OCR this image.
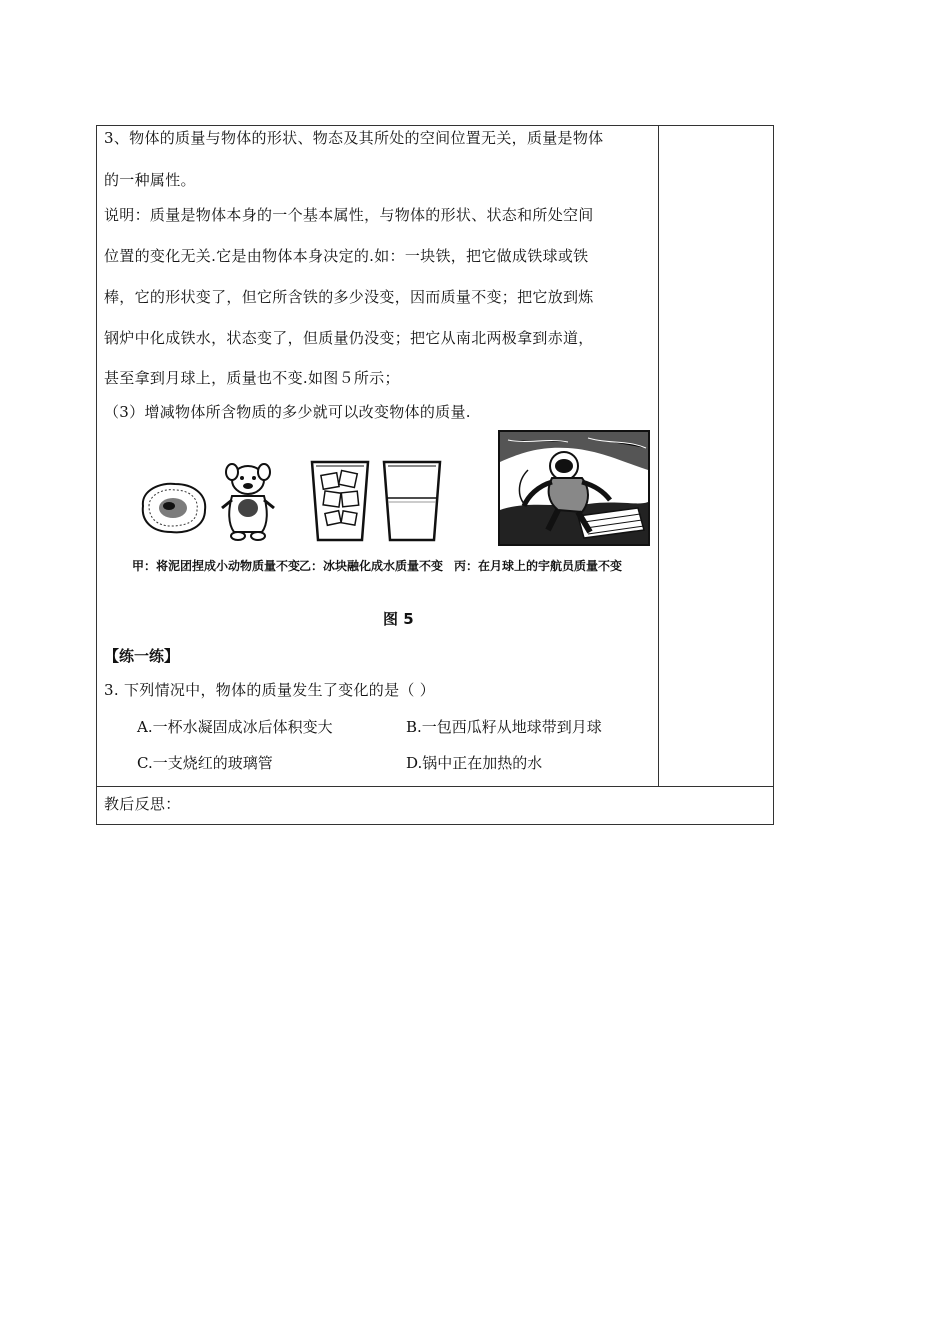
3、物体的质量与物体的形状、物态及其所处的空间位置无关，质量是物体
的一种属性。
说明：质量是物体本身的一个基本属性，与物体的形状、状态和所处空间
位置的变化无关.它是由物体本身决定的.如：一块铁，把它做成铁球或铁
棒，它的形状变了，但它所含铁的多少没变，因而质量不变；把它放到炼
钢炉中化成铁水，状态变了，但质量仍没变；把它从南北两极拿到赤道，
甚至拿到月球上，质量也不变.如图５所示；
（3）增减物体所含物质的多少就可以改变物体的质量.
甲：将泥团捏成小动物质量不变
乙：冰块融化成水质量不变 丙：在月球上的宇航员质量不变
图 5
【练一练】
3. 下列情况中，物体的质量发生了变化的是（ ）
A.一杯水凝固成冰后体积变大	B.一包西瓜籽从地球带到月球
C.一支烧红的玻璃管	D.锅中正在加热的水
教后反思：
